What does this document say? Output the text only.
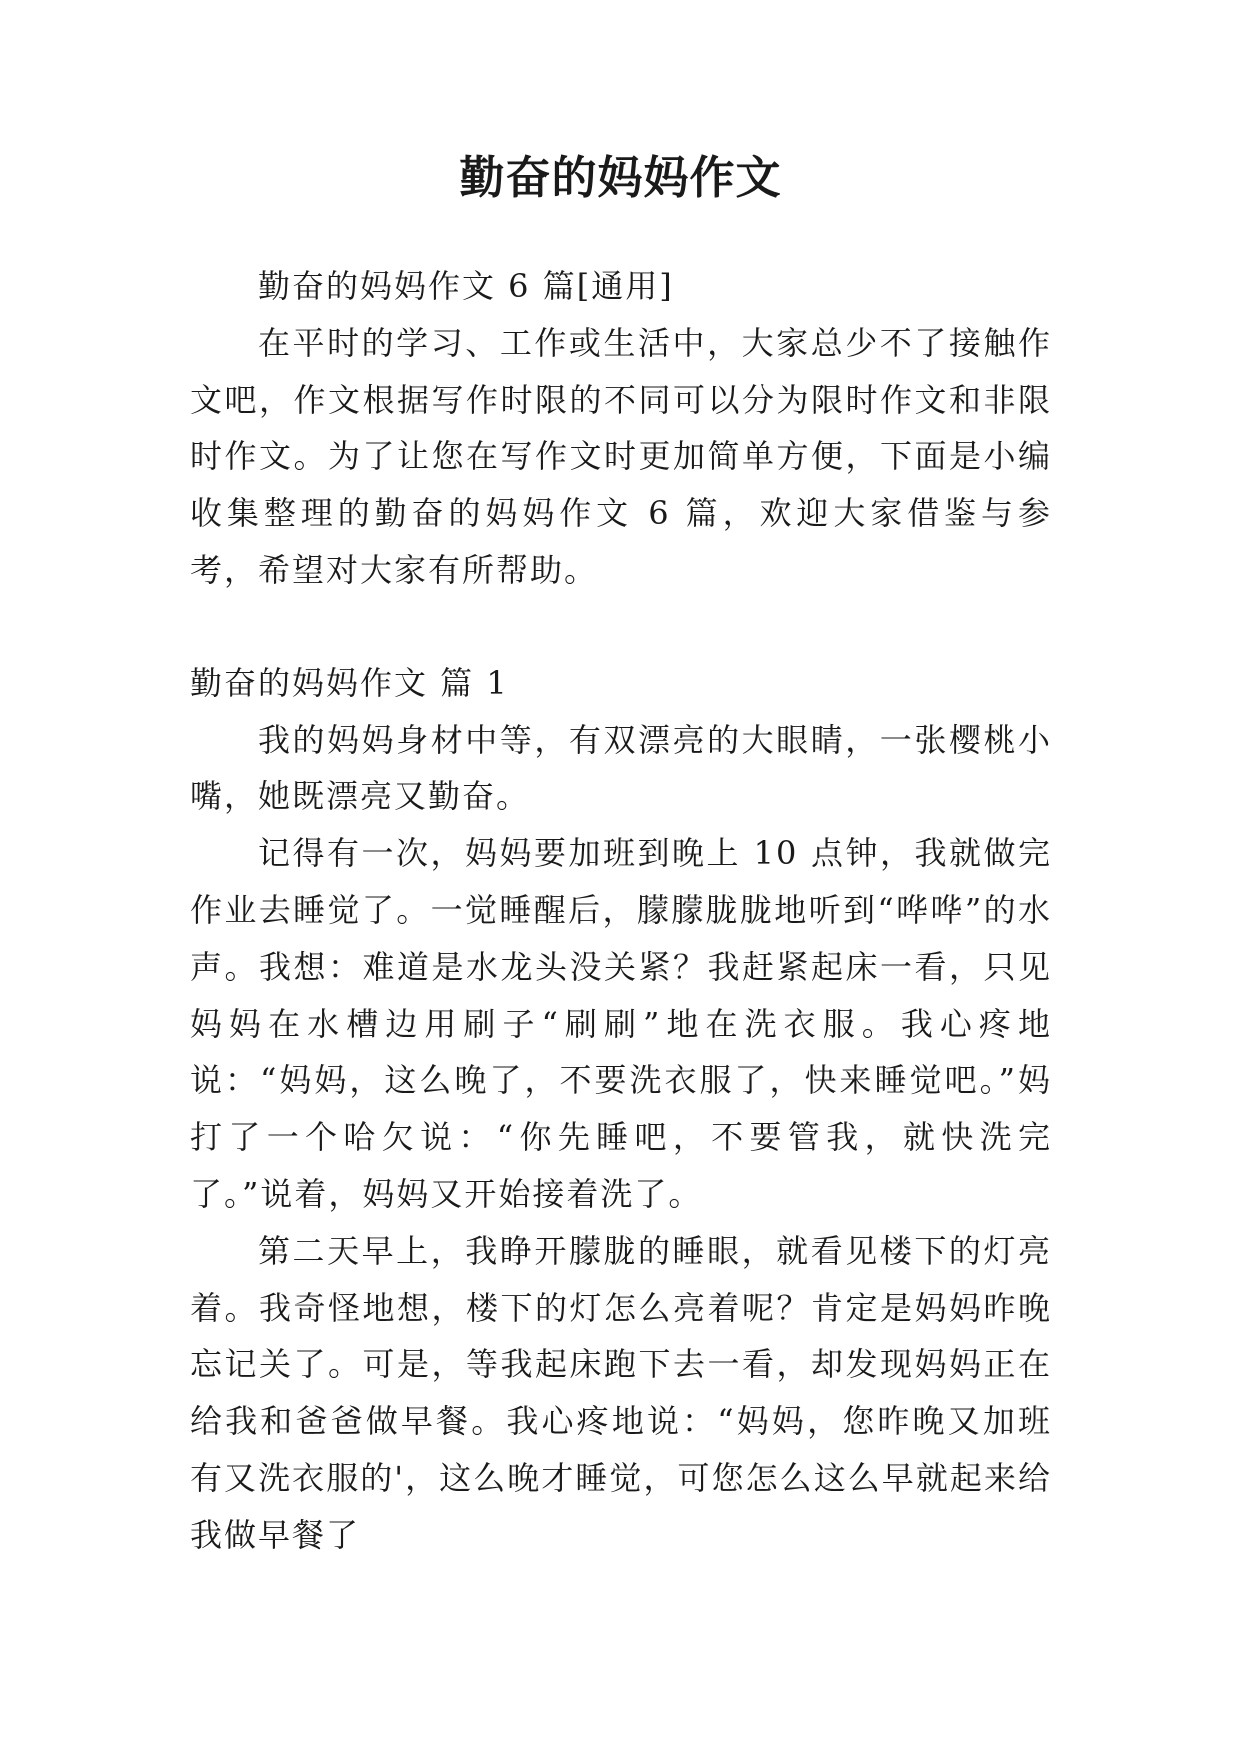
勤奋的妈妈作文

勤奋的妈妈作文 6 篇[通用]

在平时的学习、工作或生活中，大家总少不了接触作文吧，作文根据写作时限的不同可以分为限时作文和非限时作文。为了让您在写作文时更加简单方便，下面是小编收集整理的勤奋的妈妈作文 6 篇，欢迎大家借鉴与参考，希望对大家有所帮助。

勤奋的妈妈作文 篇 1

我的妈妈身材中等，有双漂亮的大眼睛，一张樱桃小嘴，她既漂亮又勤奋。

记得有一次，妈妈要加班到晚上 10 点钟，我就做完作业去睡觉了。一觉睡醒后，朦朦胧胧地听到“哗哗”的水声。我想：难道是水龙头没关紧？我赶紧起床一看，只见妈妈在水槽边用刷子“刷刷”地在洗衣服。我心疼地说：“妈妈，这么晚了，不要洗衣服了，快来睡觉吧。”妈打了一个哈欠说：“你先睡吧，不要管我，就快洗完了。”说着，妈妈又开始接着洗了。

第二天早上，我睁开朦胧的睡眼，就看见楼下的灯亮着。我奇怪地想，楼下的灯怎么亮着呢？肯定是妈妈昨晚忘记关了。可是，等我起床跑下去一看，却发现妈妈正在给我和爸爸做早餐。我心疼地说：“妈妈，您昨晚又加班有又洗衣服的'，这么晚才睡觉，可您怎么这么早就起来给我做早餐了
